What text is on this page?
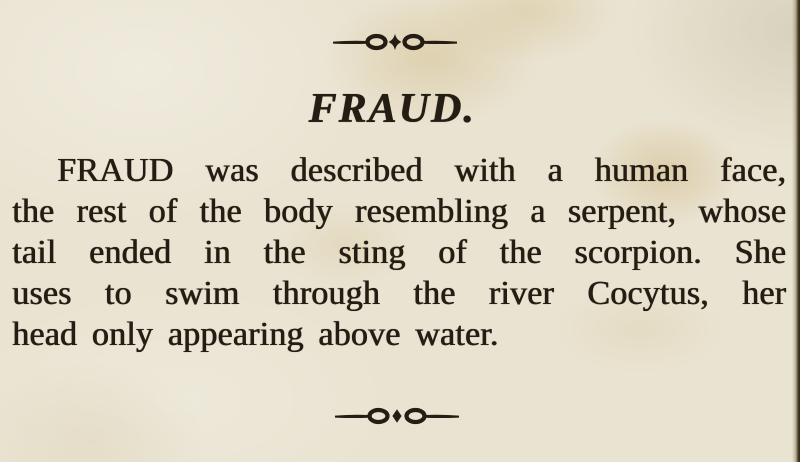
FRAUD.

FRAUD was described with a human face,

the rest of the body resembling a serpent, whose

tail ended in the sting of the scorpion. She

uses to swim through the river Cocytus, her

head only appearing above water.
